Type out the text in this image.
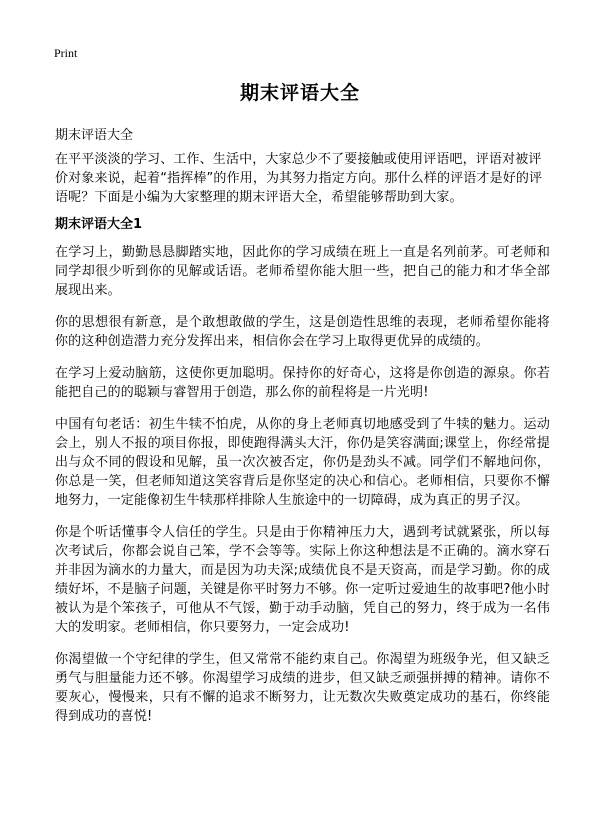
Print
期末评语大全
期末评语大全
在平平淡淡的学习、工作、生活中，大家总少不了要接触或使用评语吧，评语对被评价对象来说，起着“指挥棒”的作用，为其努力指定方向。那什么样的评语才是好的评语呢？下面是小编为大家整理的期末评语大全，希望能够帮助到大家。
期末评语大全1

在学习上，勤勤恳恳脚踏实地，因此你的学习成绩在班上一直是名列前茅。可老师和同学却很少听到你的见解或话语。老师希望你能大胆一些，把自己的能力和才华全部展现出来。

你的思想很有新意，是个敢想敢做的学生，这是创造性思维的表现，老师希望你能将你的这种创造潜力充分发挥出来，相信你会在学习上取得更优异的成绩的。

在学习上爱动脑筋，这使你更加聪明。保持你的好奇心，这将是你创造的源泉。你若能把自己的的聪颖与睿智用于创造，那么你的前程将是一片光明!

中国有句老话：初生牛犊不怕虎，从你的身上老师真切地感受到了牛犊的魅力。运动会上，别人不报的项目你报，即使跑得满头大汗，你仍是笑容满面;课堂上，你经常提出与众不同的假设和见解，虽一次次被否定，你仍是劲头不减。同学们不解地问你，你总是一笑，但老师知道这笑容背后是你坚定的决心和信心。老师相信，只要你不懈地努力，一定能像初生牛犊那样排除人生旅途中的一切障碍，成为真正的男子汉。

你是个听话懂事令人信任的学生。只是由于你精神压力大，遇到考试就紧张，所以每次考试后，你都会说自己笨，学不会等等。实际上你这种想法是不正确的。滴水穿石并非因为滴水的力量大，而是因为功夫深;成绩优良不是天资高，而是学习勤。你的成绩好坏，不是脑子问题，关键是你平时努力不够。你一定听过爱迪生的故事吧?他小时被认为是个笨孩子，可他从不气馁，勤于动手动脑，凭自己的努力，终于成为一名伟大的发明家。老师相信，你只要努力，一定会成功!

你渴望做一个守纪律的学生，但又常常不能约束自己。你渴望为班级争光，但又缺乏勇气与胆量能力还不够。你渴望学习成绩的进步，但又缺乏顽强拼搏的精神。请你不要灰心，慢慢来，只有不懈的追求不断努力，让无数次失败奠定成功的基石，你终能得到成功的喜悦!
